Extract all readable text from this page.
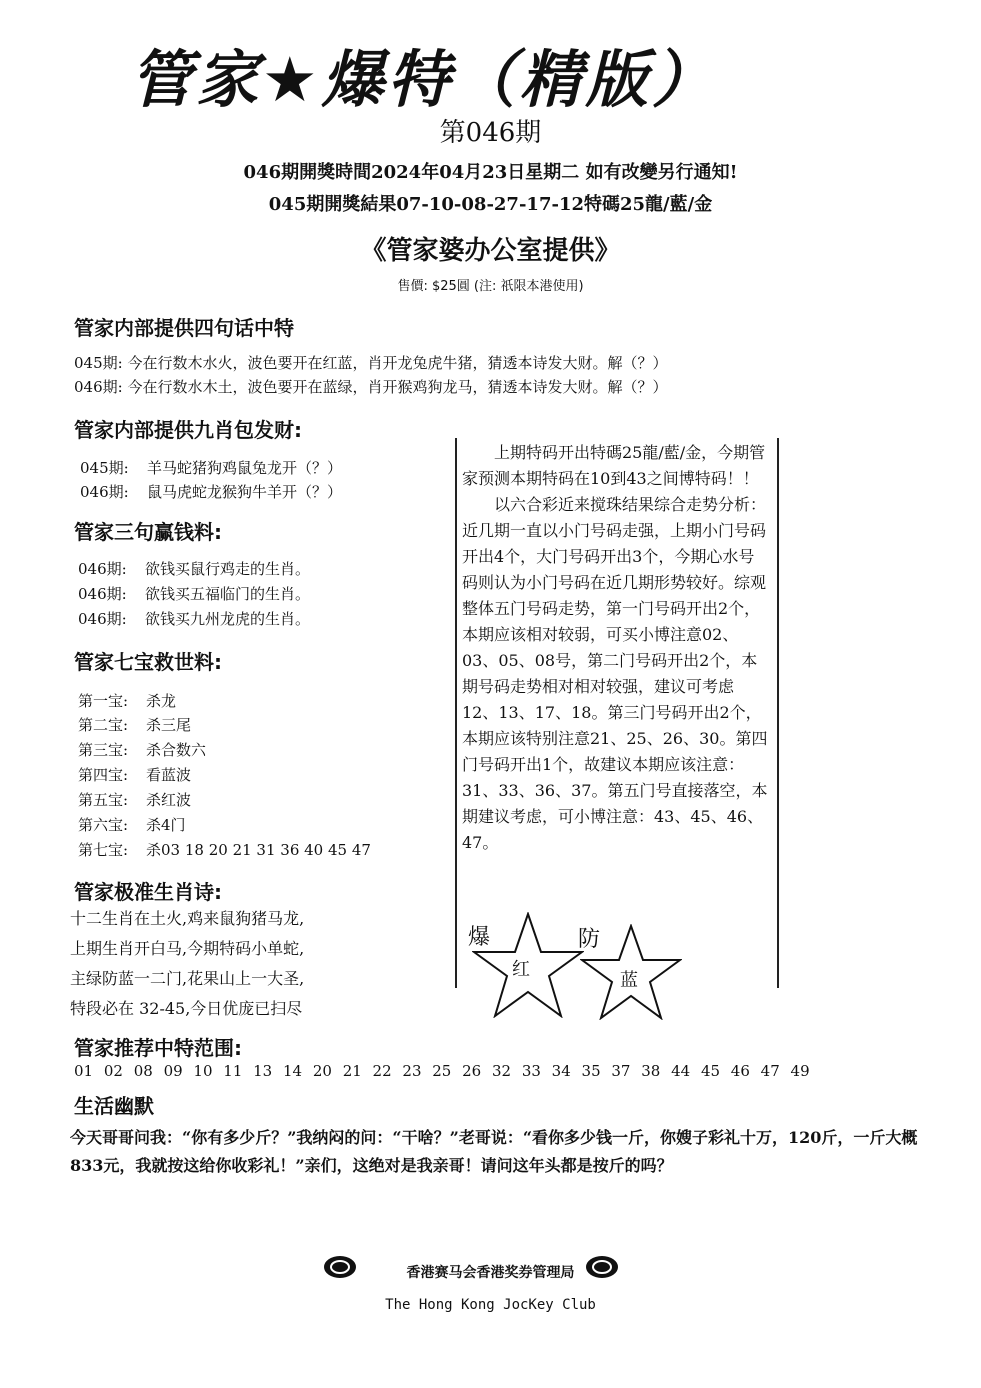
管家★爆特（精版）
第046期
046期開獎時間2024年04月23日星期二 如有改變另行通知!
045期開獎結果07-10-08-27-17-12特碼25龍/藍/金
《管家婆办公室提供》
售價: $25圓 (注: 祇限本港使用)
管家内部提供四句话中特
045期: 今在行数木水火，波色要开在红蓝，肖开龙兔虎牛猪，猜透本诗发大财。解（？）
046期: 今在行数水木土，波色要开在蓝绿，肖开猴鸡狗龙马，猜透本诗发大财。解（？）
管家内部提供九肖包发财:
045期: 羊马蛇猪狗鸡鼠兔龙开（？）
046期: 鼠马虎蛇龙猴狗牛羊开（？）
管家三句赢钱料:
046期: 欲钱买鼠行鸡走的生肖。
046期: 欲钱买五福临门的生肖。
046期: 欲钱买九州龙虎的生肖。
管家七宝救世料:
第一宝: 杀龙
第二宝: 杀三尾
第三宝: 杀合数六
第四宝: 看蓝波
第五宝: 杀红波
第六宝: 杀4门
第七宝: 杀03 18 20 21 31 36 40 45 47
管家极准生肖诗:
十二生肖在土火,鸡来鼠狗猪马龙,
上期生肖开白马,今期特码小单蛇,
主绿防蓝一二门,花果山上一大圣,
特段必在 32-45,今日优庞已扫尽

上期特码开出特碼25龍/藍/金，今期管家预测本期特码在10到43之间博特码！！

以六合彩近来搅珠结果综合走势分析：近几期一直以小门号码走强，上期小门号码开出4个，大门号码开出3个，今期心水号码则认为小门号码在近几期形势较好。综观整体五门号码走势，第一门号码开出2个，本期应该相对较弱，可买小博注意02、03、05、08号，第二门号码开出2个，本期号码走势相对相对较强，建议可考虑12、13、17、18。第三门号码开出2个，本期应该特别注意21、25、26、30。第四门号码开出1个，故建议本期应该注意：31、33、36、37。第五门号直接落空，本期建议考虑，可小博注意：43、45、46、47。

爆
红
防
蓝
管家推荐中特范围:
01 02 08 09 10 11 13 14 20 21 22 23 25 26 32 33 34 35 37 38 44 45 46 47 49
生活幽默
今天哥哥问我：“你有多少斤？”我纳闷的问：“干啥？”老哥说：“看你多少钱一斤，你嫂子彩礼十万，120斤，一斤大概833元，我就按这给你收彩礼！”亲们，这绝对是我亲哥！请问这年头都是按斤的吗？
香港赛马会香港奖券管理局
The Hong Kong JocKey Club
